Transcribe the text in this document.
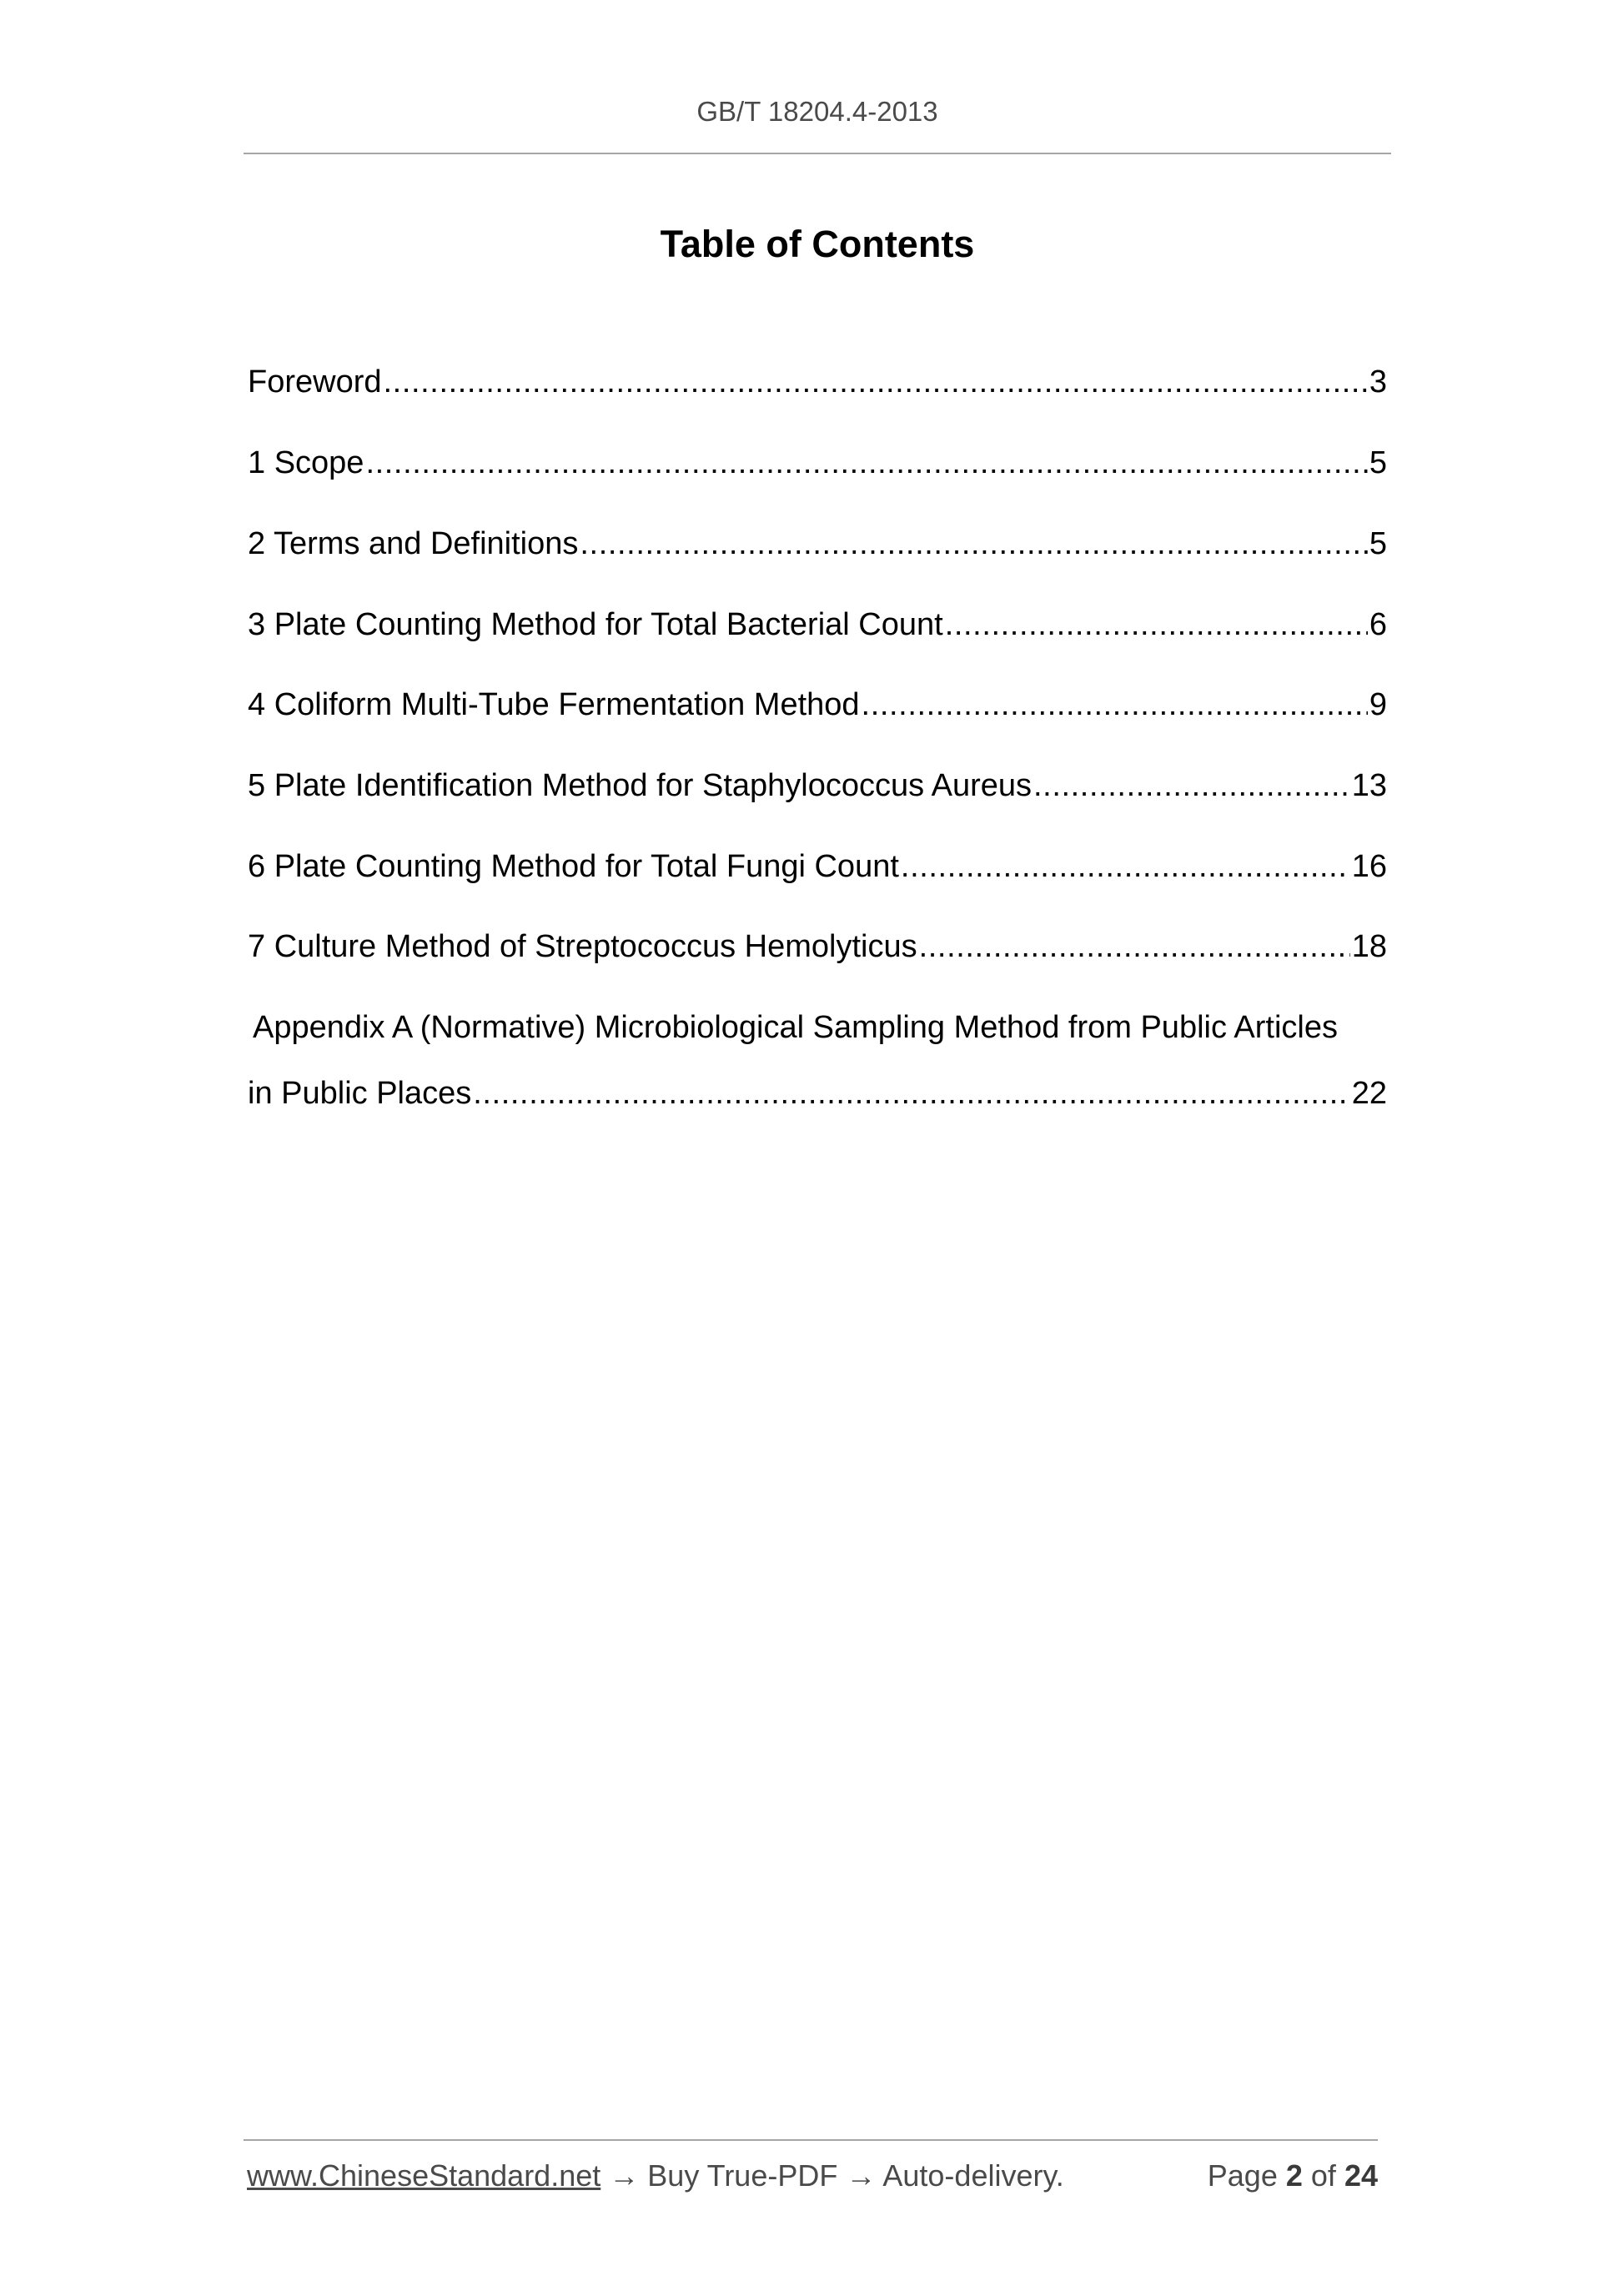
GB/T 18204.4-2013
Table of Contents
Foreword .....	3
1 Scope .....	5
2 Terms and Definitions .....	5
3 Plate Counting Method for Total Bacterial Count .....	6
4 Coliform Multi-Tube Fermentation Method .....	9
5 Plate Identification Method for Staphylococcus Aureus .....	13
6 Plate Counting Method for Total Fungi Count .....	16
7 Culture Method of Streptococcus Hemolyticus .....	18
Appendix A (Normative) Microbiological Sampling Method from Public Articles
in Public Places .....	22
www.ChineseStandard.net → Buy True-PDF → Auto-delivery.	Page 2 of 24
